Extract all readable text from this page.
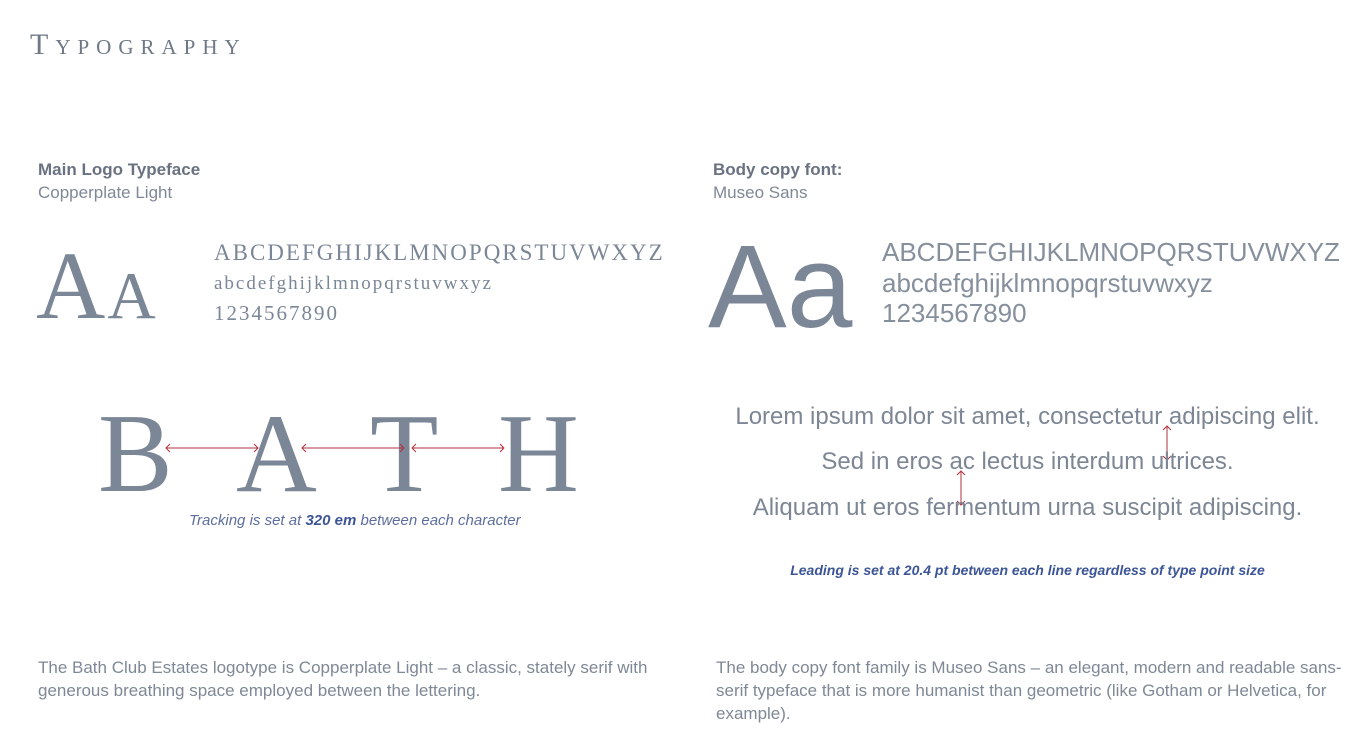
Typography
Main Logo Typeface
Copperplate Light
Aa ABCDEFGHIJKLMNOPQRSTUVWXYZ
abcdefghijklmnopqrstuvwxyz
1234567890
B A T H
Tracking is set at 320 em between each character
The Bath Club Estates logotype is Copperplate Light – a classic, stately serif with generous breathing space employed between the lettering.
Body copy font:
Museo Sans
Aa ABCDEFGHIJKLMNOPQRSTUVWXYZ
abcdefghijklmnopqrstuvwxyz
1234567890
Lorem ipsum dolor sit amet, consectetur adipiscing elit.
Sed in eros ac lectus interdum ultrices.
Aliquam ut eros fermentum urna suscipit adipiscing.
Leading is set at 20.4 pt between each line regardless of type point size
The body copy font family is Museo Sans – an elegant, modern and readable sans-serif typeface that is more humanist than geometric (like Gotham or Helvetica, for example).
